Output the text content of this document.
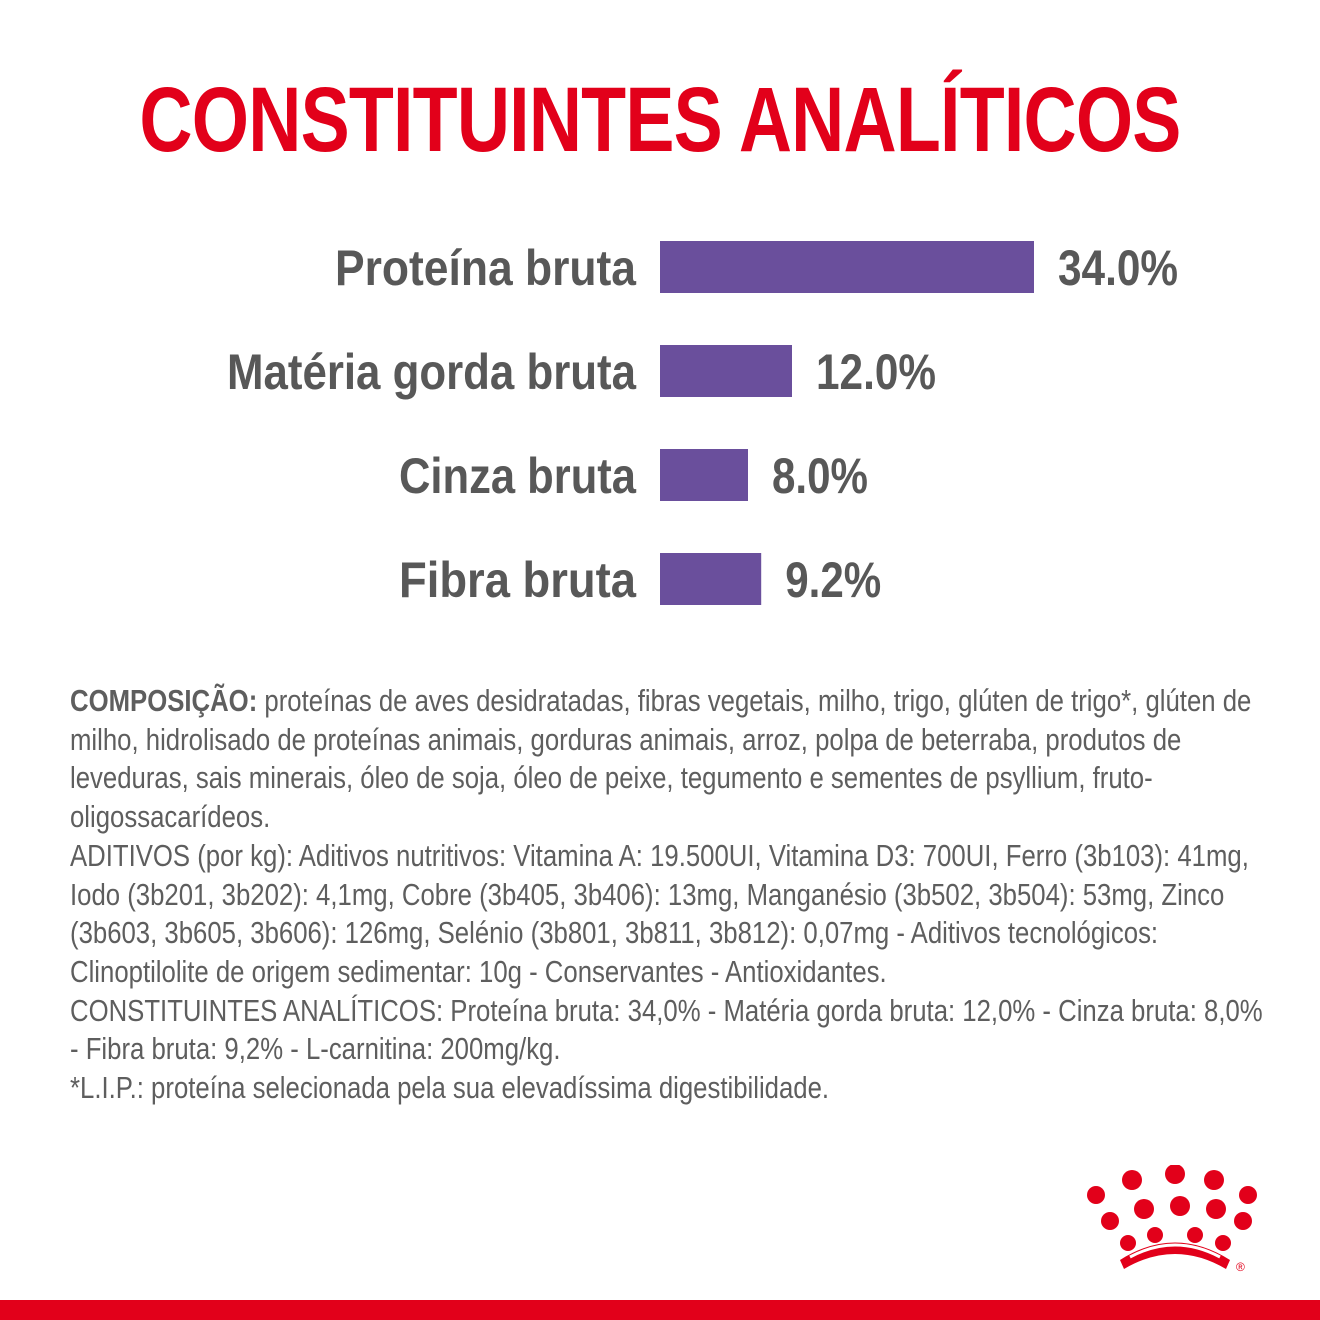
CONSTITUINTES ANALÍTICOS
Proteína bruta	34.0%
Matéria gorda bruta	12.0%
Cinza bruta	8.0%
Fibra bruta	9.2%

COMPOSIÇÃO: proteínas de aves desidratadas, fibras vegetais, milho, trigo, glúten de trigo*, glúten de milho, hidrolisado de proteínas animais, gorduras animais, arroz, polpa de beterraba, produtos de leveduras, sais minerais, óleo de soja, óleo de peixe, tegumento e sementes de psyllium, fruto-oligossacarídeos.

ADITIVOS (por kg): Aditivos nutritivos: Vitamina A: 19.500UI, Vitamina D3: 700UI, Ferro (3b103): 41mg, Iodo (3b201, 3b202): 4,1mg, Cobre (3b405, 3b406): 13mg, Manganésio (3b502, 3b504): 53mg, Zinco (3b603, 3b605, 3b606): 126mg, Selénio (3b801, 3b811, 3b812): 0,07mg - Aditivos tecnológicos: Clinoptilolite de origem sedimentar: 10g - Conservantes - Antioxidantes.

CONSTITUINTES ANALÍTICOS: Proteína bruta: 34,0% - Matéria gorda bruta: 12,0% - Cinza bruta: 8,0% - Fibra bruta: 9,2% - L-carnitina: 200mg/kg.

*L.I.P.: proteína selecionada pela sua elevadíssima digestibilidade.

®
